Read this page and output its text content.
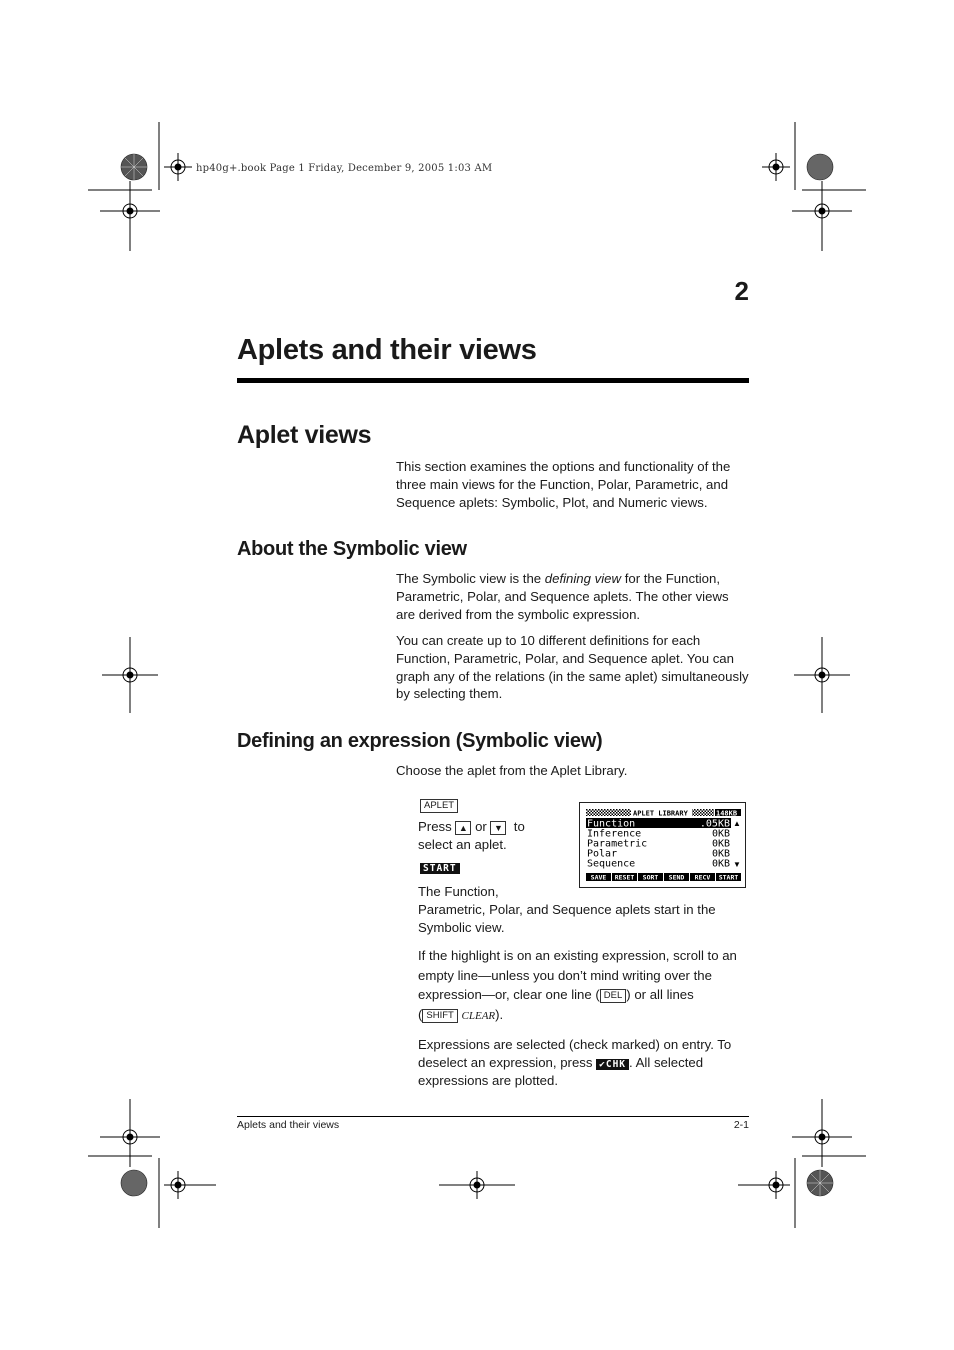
hp40g+.book Page 1 Friday, December 9, 2005 1:03 AM
2
Aplets and their views
Aplet views
This section examines the options and functionality of the three main views for the Function, Polar, Parametric, and Sequence aplets: Symbolic, Plot, and Numeric views.
About the Symbolic view
The Symbolic view is the defining view for the Function, Parametric, Polar, and Sequence aplets. The other views are derived from the symbolic expression.
You can create up to 10 different definitions for each Function, Parametric, Polar, and Sequence aplet. You can graph any of the relations (in the same aplet) simultaneously by selecting them.
Defining an expression (Symbolic view)
Choose the aplet from the Aplet Library.
APLET
Press ▲ or ▼ to
select an aplet.
START
APLET LIBRARY	148KB
Function	.05KB
Inference	0KB
Parametric	0KB
Polar	0KB
Sequence	0KB
▲
▼
SAVE RESET SORT SEND RECV START
The Function,
Parametric, Polar, and Sequence aplets start in the Symbolic view.
If the highlight is on an existing expression, scroll to an empty line—unless you don’t mind writing over the expression—or, clear one line ( DEL ) or all lines
( SHIFT CLEAR).
Expressions are selected (check marked) on entry. To deselect an expression, press ✔CHK . All selected expressions are plotted.
Aplets and their views	2-1
